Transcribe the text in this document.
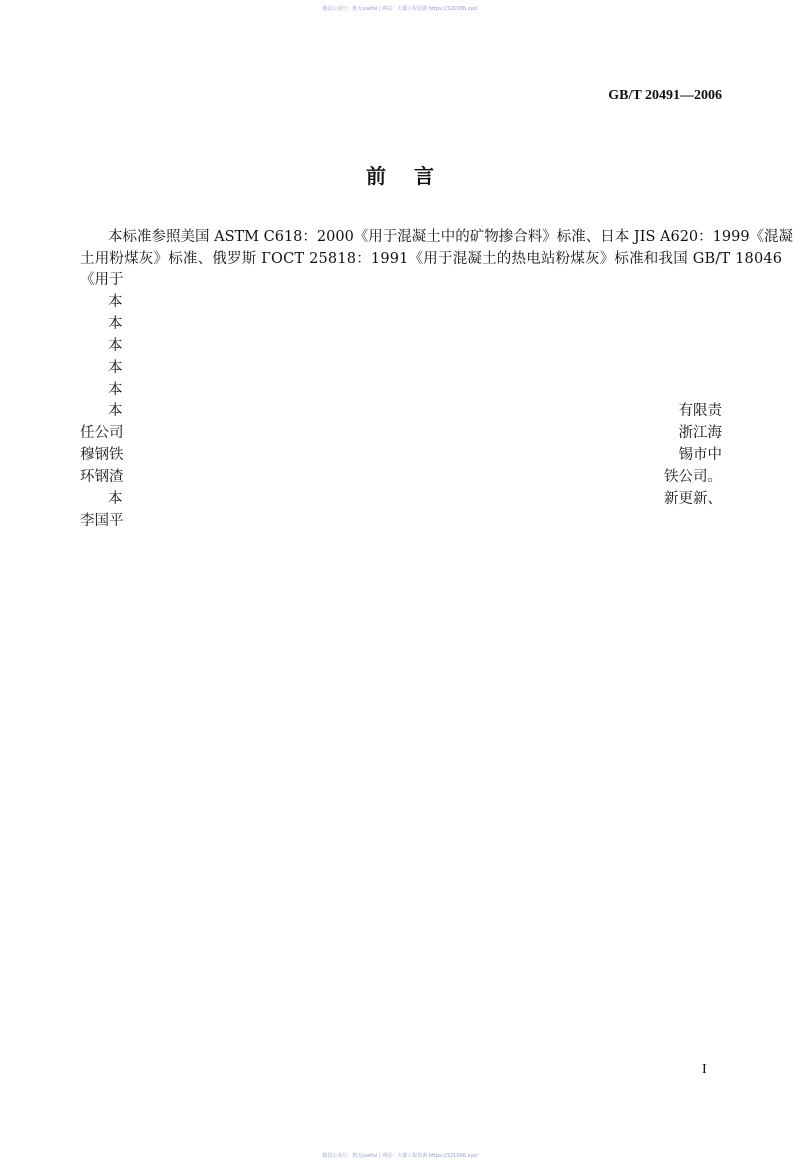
微信公众号：教无useful | 网站：大都工程资源 https://321006.xyz/
GB/T 20491—2006
前言
本标准参照美国 ASTM C618：2000《用于混凝土中的矿物掺合料》标准、日本 JIS A620：1999《混凝
土用粉煤灰》标准、俄罗斯 ГОСТ 25818：1991《用于混凝土的热电站粉煤灰》标准和我国 GB/T 18046
《用于
本
本
本
本
本
本
任公司
穆钢铁
环钢渣
本
李国平
有限责
浙江海
锡市中
铁公司。
新更新、
I
微信公众号：教无useful | 网站：大都工程资源 https://321006.xyz/
